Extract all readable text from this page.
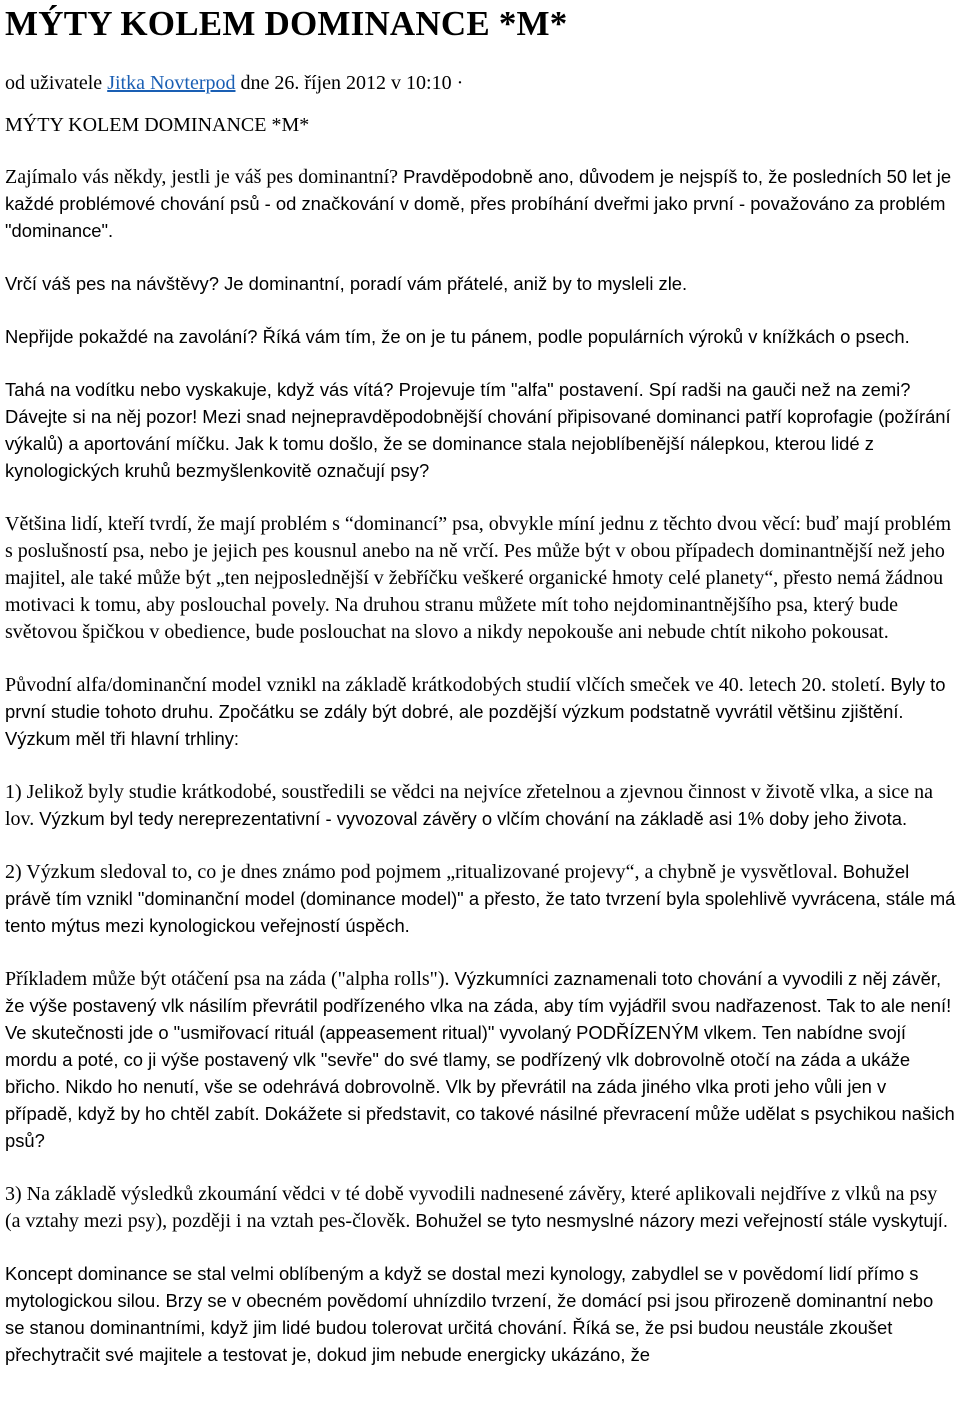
MÝTY KOLEM DOMINANCE *M*

od uživatele Jitka Novterpod dne 26. říjen 2012 v 10:10 ·

MÝTY KOLEM DOMINANCE *M*

Zajímalo vás někdy, jestli je váš pes dominantní? Pravděpodobně ano, důvodem je nejspíš to, že posledních 50 let je každé problémové chování psů - od značkování v domě, přes probíhání dveřmi jako první - považováno za problém "dominance".

Vrčí váš pes na návštěvy? Je dominantní, poradí vám přátelé, aniž by to mysleli zle.

Nepřijde pokaždé na zavolání? Říká vám tím, že on je tu pánem, podle populárních výroků v knížkách o psech.

Tahá na vodítku nebo vyskakuje, když vás vítá? Projevuje tím "alfa" postavení. Spí radši na gauči než na zemi? Dávejte si na něj pozor! Mezi snad nejnepravděpodobnější chování připisované dominanci patří koprofagie (požírání výkalů) a aportování míčku. Jak k tomu došlo, že se dominance stala nejoblíbenější nálepkou, kterou lidé z kynologických kruhů bezmyšlenkovitě označují psy?

Většina lidí, kteří tvrdí, že mají problém s “dominancí” psa, obvykle míní jednu z těchto dvou věcí: buď mají problém s poslušností psa, nebo je jejich pes kousnul anebo na ně vrčí. Pes může být v obou případech dominantnější než jeho majitel, ale také může být „ten nejposlednější v žebříčku veškeré organické hmoty celé planety“, přesto nemá žádnou motivaci k tomu, aby poslouchal povely. Na druhou stranu můžete mít toho nejdominantnějšího psa, který bude světovou špičkou v obedience, bude poslouchat na slovo a nikdy nepokouše ani nebude chtít nikoho pokousat.

Původní alfa/dominanční model vznikl na základě krátkodobých studií vlčích smeček ve 40. letech 20. století. Byly to první studie tohoto druhu. Zpočátku se zdály být dobré, ale pozdější výzkum podstatně vyvrátil většinu zjištění. Výzkum měl tři hlavní trhliny:

1) Jelikož byly studie krátkodobé, soustředili se vědci na nejvíce zřetelnou a zjevnou činnost v životě vlka, a sice na lov. Výzkum byl tedy nereprezentativní - vyvozoval závěry o vlčím chování na základě asi 1% doby jeho života.

2) Výzkum sledoval to, co je dnes známo pod pojmem „ritualizované projevy“, a chybně je vysvětloval. Bohužel právě tím vznikl "dominanční model (dominance model)" a přesto, že tato tvrzení byla spolehlivě vyvrácena, stále má tento mýtus mezi kynologickou veřejností úspěch.

Příkladem může být otáčení psa na záda ("alpha rolls"). Výzkumníci zaznamenali toto chování a vyvodili z něj závěr, že výše postavený vlk násilím převrátil podřízeného vlka na záda, aby tím vyjádřil svou nadřazenost. Tak to ale není! Ve skutečnosti jde o "usmiřovací rituál (appeasement ritual)" vyvolaný PODŘÍZENÝM vlkem. Ten nabídne svojí mordu a poté, co ji výše postavený vlk "sevře" do své tlamy, se podřízený vlk dobrovolně otočí na záda a ukáže břicho. Nikdo ho nenutí, vše se odehrává dobrovolně. Vlk by převrátil na záda jiného vlka proti jeho vůli jen v případě, když by ho chtěl zabít. Dokážete si představit, co takové násilné převracení může udělat s psychikou našich psů?

3) Na základě výsledků zkoumání vědci v té době vyvodili nadnesené závěry, které aplikovali nejdříve z vlků na psy (a vztahy mezi psy), později i na vztah pes-člověk. Bohužel se tyto nesmyslné názory mezi veřejností stále vyskytují.

Koncept dominance se stal velmi oblíbeným a když se dostal mezi kynology, zabydlel se v povědomí lidí přímo s mytologickou silou. Brzy se v obecném povědomí uhnízdilo tvrzení, že domácí psi jsou přirozeně dominantní nebo se stanou dominantními, když jim lidé budou tolerovat určitá chování. Říká se, že psi budou neustále zkoušet přechytračit své majitele a testovat je, dokud jim nebude energicky ukázáno, že
